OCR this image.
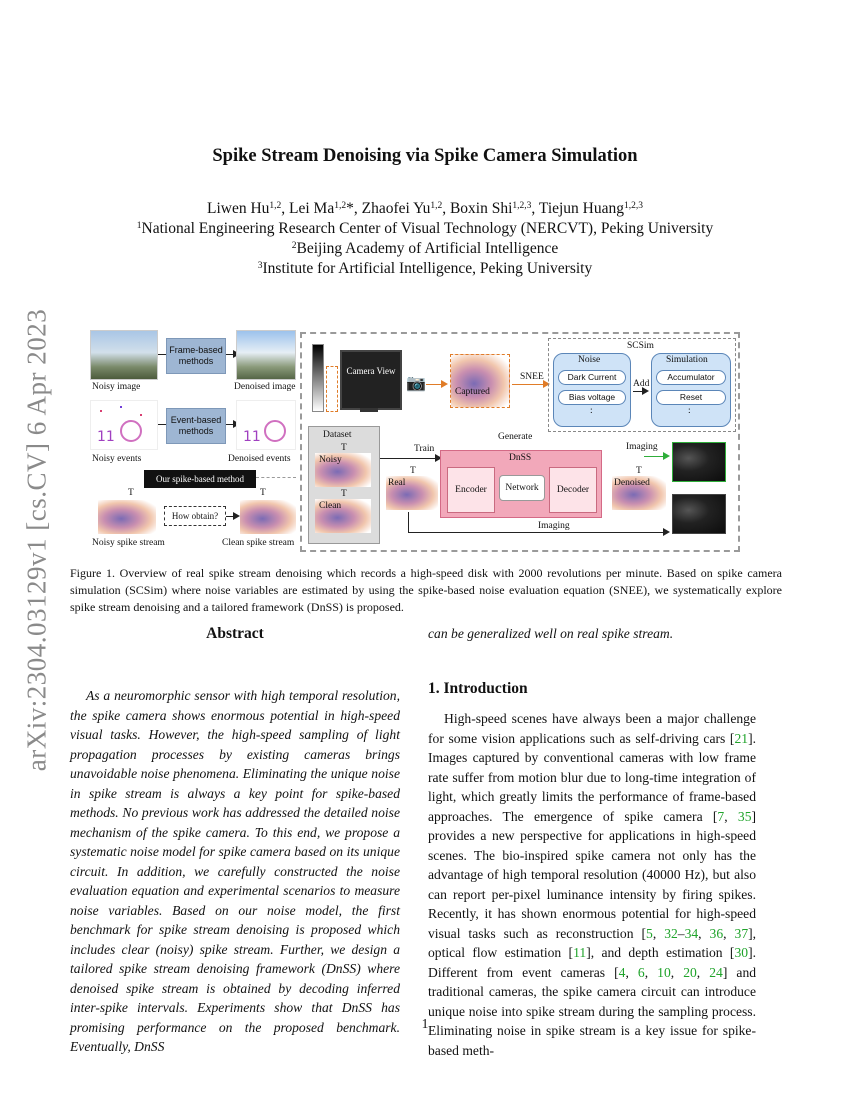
arXiv:2304.03129v1 [cs.CV] 6 Apr 2023
Spike Stream Denoising via Spike Camera Simulation
Liwen Hu$^{1,2}$, Lei Ma$^{1,2}$*, Zhaofei Yu$^{1,2}$, Boxin Shi$^{1,2,3}$, Tiejun Huang$^{1,2,3}$
$^1$National Engineering Research Center of Visual Technology (NERCVT), Peking University
$^2$Beijing Academy of Artificial Intelligence
$^3$Institute for Artificial Intelligence, Peking University
Frame-based methods
Noisy image	Denoised image
11
Event-based methods	11
Noisy events	Denoised events
Our spike-based method
T	T
How obtain?
Noisy spike stream	Clean spike stream
Camera View
📷	Captured
SNEE
SCSim
Noise
Dark Current
Bias voltage
:
Add
Simulation
Accumulator
Reset
:
Generate
Dataset
T
Noisy
T
Clean
Train
T
Real
DnSS
Encoder Network Decoder
T
Denoised
Imaging
Imaging
Figure 1. Overview of real spike stream denoising which records a high-speed disk with 2000 revolutions per minute. Based on spike camera simulation (SCSim) where noise variables are estimated by using the spike-based noise evaluation equation (SNEE), we systematically explore spike stream denoising and a tailored framework (DnSS) is proposed.
Abstract	can be generalized well on real spike stream.

As a neuromorphic sensor with high temporal resolution, the spike camera shows enormous potential in high-speed visual tasks. However, the high-speed sampling of light propagation processes by existing cameras brings unavoidable noise phenomena. Eliminating the unique noise in spike stream is always a key point for spike-based methods. No previous work has addressed the detailed noise mechanism of the spike camera. To this end, we propose a systematic noise model for spike camera based on its unique circuit. In addition, we carefully constructed the noise evaluation equation and experimental scenarios to measure noise variables. Based on our noise model, the first benchmark for spike stream denoising is proposed which includes clear (noisy) spike stream. Further, we design a tailored spike stream denoising framework (DnSS) where denoised spike stream is obtained by decoding inferred inter-spike intervals. Experiments show that DnSS has promising performance on the proposed benchmark. Eventually, DnSS

1. Introduction

High-speed scenes have always been a major challenge for some vision applications such as self-driving cars [21]. Images captured by conventional cameras with low frame rate suffer from motion blur due to long-time integration of light, which greatly limits the performance of frame-based approaches. The emergence of spike camera [7, 35] provides a new perspective for applications in high-speed scenes. The bio-inspired spike camera not only has the advantage of high temporal resolution (40000 Hz), but also can report per-pixel luminance intensity by firing spikes. Recently, it has shown enormous potential for high-speed visual tasks such as reconstruction [5, 32–34, 36, 37], optical flow estimation [11], and depth estimation [30]. Different from event cameras [4, 6, 10, 20, 24] and traditional cameras, the spike camera circuit can introduce unique noise into spike stream during the sampling process. Eliminating noise in spike stream is a key issue for spike-based meth-

1
